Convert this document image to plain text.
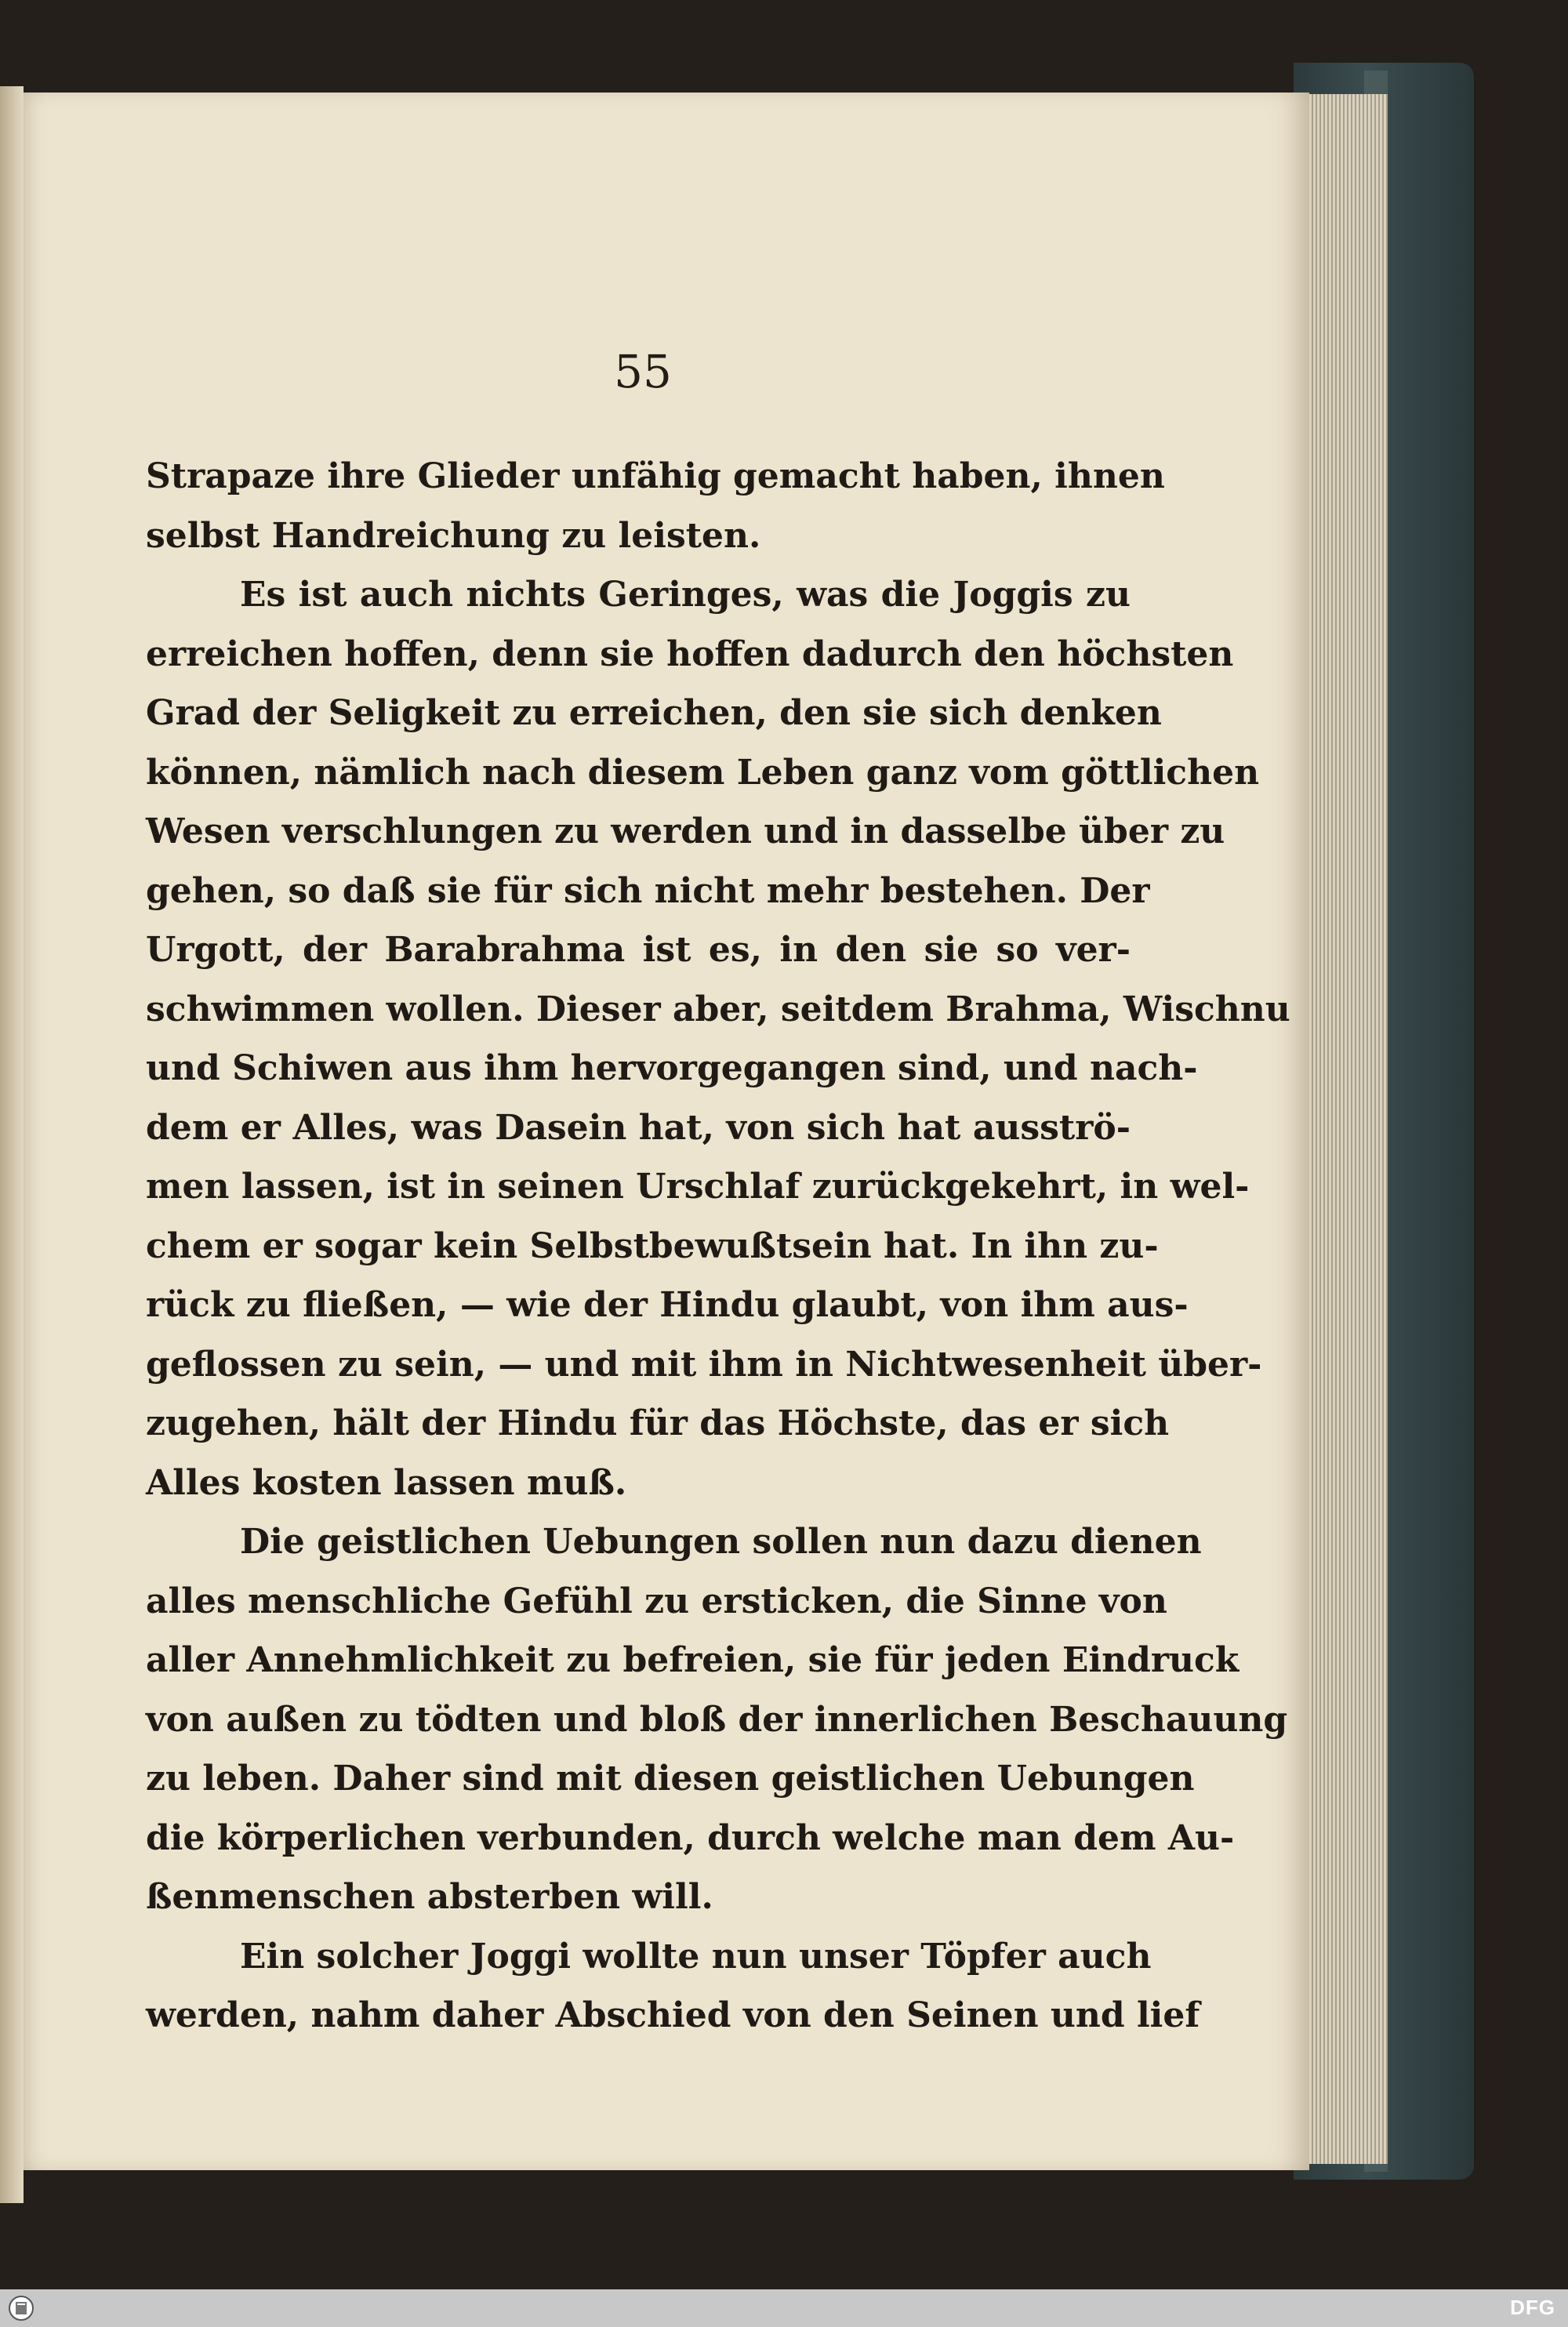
55
Strapaze ihre Glieder unfähig gemacht haben, ihnen
selbst Handreichung zu leisten.
Es ist auch nichts Geringes, was die Joggis zu
erreichen hoffen, denn sie hoffen dadurch den höchsten
Grad der Seligkeit zu erreichen, den sie sich denken
können, nämlich nach diesem Leben ganz vom göttlichen
Wesen verschlungen zu werden und in dasselbe über zu
gehen, so daß sie für sich nicht mehr bestehen. Der
Urgott, der Barabrahma ist es, in den sie so ver-
schwimmen wollen. Dieser aber, seitdem Brahma, Wischnu
und Schiwen aus ihm hervorgegangen sind, und nach-
dem er Alles, was Dasein hat, von sich hat ausströ-
men lassen, ist in seinen Urschlaf zurückgekehrt, in wel-
chem er sogar kein Selbstbewußtsein hat. In ihn zu-
rück zu fließen, — wie der Hindu glaubt, von ihm aus-
geflossen zu sein, — und mit ihm in Nichtwesenheit über-
zugehen, hält der Hindu für das Höchste, das er sich
Alles kosten lassen muß.
Die geistlichen Uebungen sollen nun dazu dienen
alles menschliche Gefühl zu ersticken, die Sinne von
aller Annehmlichkeit zu befreien, sie für jeden Eindruck
von außen zu tödten und bloß der innerlichen Beschauung
zu leben. Daher sind mit diesen geistlichen Uebungen
die körperlichen verbunden, durch welche man dem Au-
ßenmenschen absterben will.
Ein solcher Joggi wollte nun unser Töpfer auch
werden, nahm daher Abschied von den Seinen und lief
DFG
